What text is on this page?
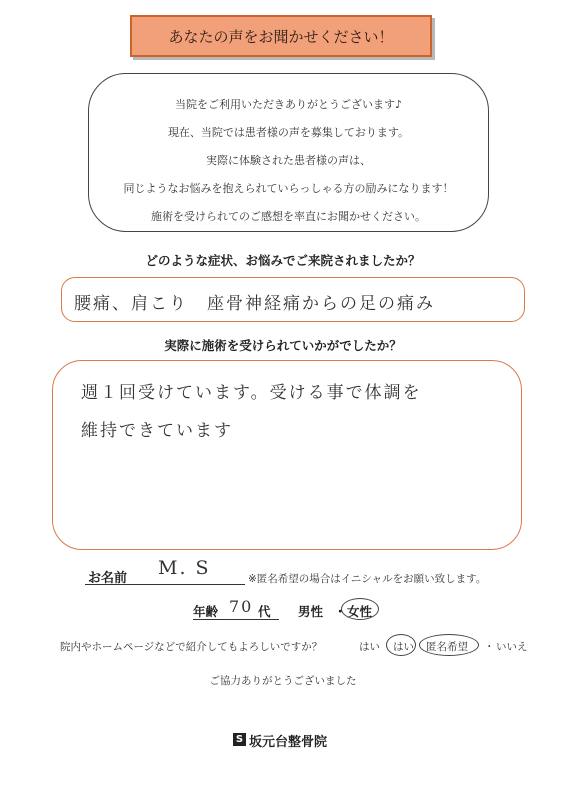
あなたの声をお聞かせください！
当院をご利用いただきありがとうございます♪
現在、当院では患者様の声を募集しております。
実際に体験された患者様の声は、
同じようなお悩みを抱えられていらっしゃる方の励みになります！
施術を受けられてのご感想を率直にお聞かせください。
どのような症状、お悩みでご来院されましたか？
腰痛、肩こり　座骨神経痛からの足の痛み
実際に施術を受けられていかがでしたか？
週１回受けています。受ける事で体調を
維持できています
お名前 M. S	※匿名希望の場合はイニシャルをお願い致します。
年齢 70 代 男性 ・ 女性
院内やホームページなどで紹介してもよろしいですか？	はい はい 匿名希望 ・ いいえ
ご協力ありがとうございました
S 坂元台整骨院
